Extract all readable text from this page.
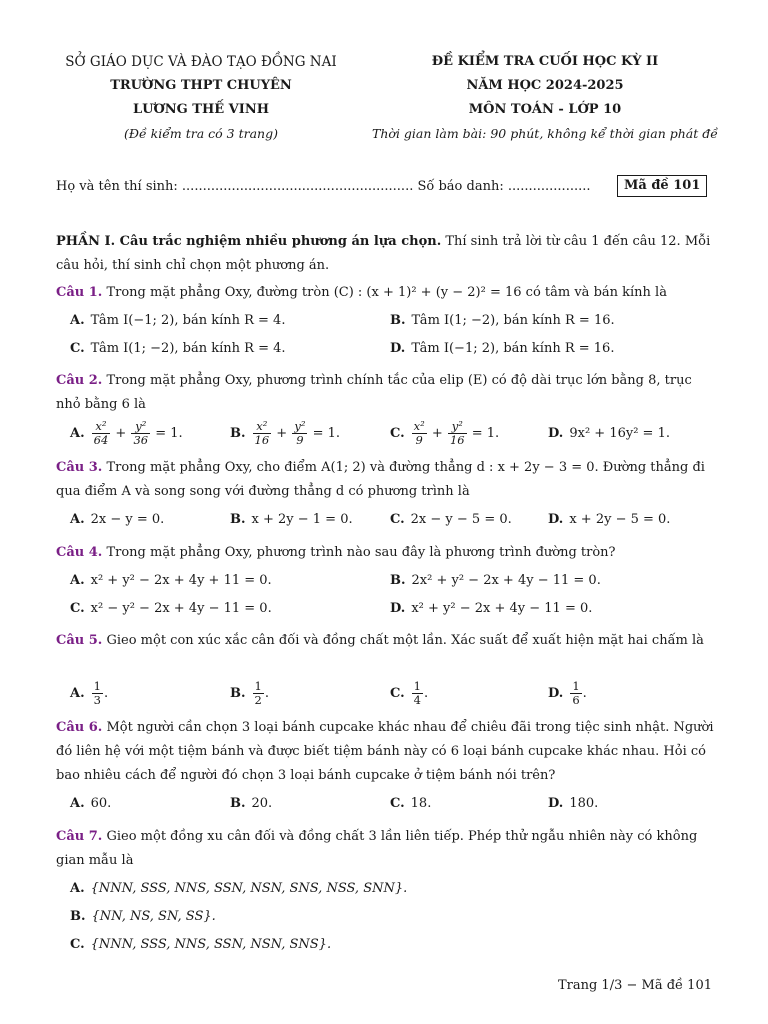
SỞ GIÁO DỤC VÀ ĐÀO TẠO ĐỒNG NAI
TRƯỜNG THPT CHUYÊN
LƯƠNG THẾ VINH
(Đề kiểm tra có 3 trang)
ĐỀ KIỂM TRA CUỐI HỌC KỲ II
NĂM HỌC 2024-2025
MÔN TOÁN - LỚP 10
Thời gian làm bài: 90 phút, không kể thời gian phát đề
Họ và tên thí sinh: ........................................................ Số báo danh: ....................	Mã đề 101
PHẦN I. Câu trắc nghiệm nhiều phương án lựa chọn. Thí sinh trả lời từ câu 1 đến câu 12. Mỗi câu hỏi, thí sinh chỉ chọn một phương án.
Câu 1. Trong mặt phẳng Oxy, đường tròn (C) : (x + 1)² + (y − 2)² = 16 có tâm và bán kính là
A. Tâm I(−1; 2), bán kính R = 4.	B. Tâm I(1; −2), bán kính R = 16.
C. Tâm I(1; −2), bán kính R = 4.	D. Tâm I(−1; 2), bán kính R = 16.
Câu 2. Trong mặt phẳng Oxy, phương trình chính tắc của elip (E) có độ dài trục lớn bằng 8, trục nhỏ bằng 6 là
A. $\frac{\text{x²}}{64} + \frac{\text{y²}}{36} = 1$.	B. $\frac{\text{x²}}{16} + \frac{\text{y²}}{9} = 1$.	C. $\frac{\text{x²}}{9} + \frac{\text{y²}}{16} = 1$.	D. 9x² + 16y² = 1.
Câu 3. Trong mặt phẳng Oxy, cho điểm A(1; 2) và đường thẳng d : x + 2y − 3 = 0. Đường thẳng đi qua điểm A và song song với đường thẳng d có phương trình là
A. 2x − y = 0.	B. x + 2y − 1 = 0.	C. 2x − y − 5 = 0.	D. x + 2y − 5 = 0.
Câu 4. Trong mặt phẳng Oxy, phương trình nào sau đây là phương trình đường tròn?
A. x² + y² − 2x + 4y + 11 = 0.	B. 2x² + y² − 2x + 4y − 11 = 0.
C. x² − y² − 2x + 4y − 11 = 0.	D. x² + y² − 2x + 4y − 11 = 0.
Câu 5. Gieo một con xúc xắc cân đối và đồng chất một lần. Xác suất để xuất hiện mặt hai chấm là
A. $\frac{1}{3}$ .	B. $\frac{1}{2}$ .	C. $\frac{1}{4}$ .	D. $\frac{1}{6}$ .
Câu 6. Một người cần chọn 3 loại bánh cupcake khác nhau để chiêu đãi trong tiệc sinh nhật. Người đó liên hệ với một tiệm bánh và được biết tiệm bánh này có 6 loại bánh cupcake khác nhau. Hỏi có bao nhiêu cách để người đó chọn 3 loại bánh cupcake ở tiệm bánh nói trên?
A. 60.	B. 20.	C. 18.	D. 180.
Câu 7. Gieo một đồng xu cân đối và đồng chất 3 lần liên tiếp. Phép thử ngẫu nhiên này có không gian mẫu là
A. {NNN, SSS, NNS, SSN, NSN, SNS, NSS, SNN}.
B. {NN, NS, SN, SS}.
C. {NNN, SSS, NNS, SSN, NSN, SNS}.
Trang 1/3 − Mã đề 101
